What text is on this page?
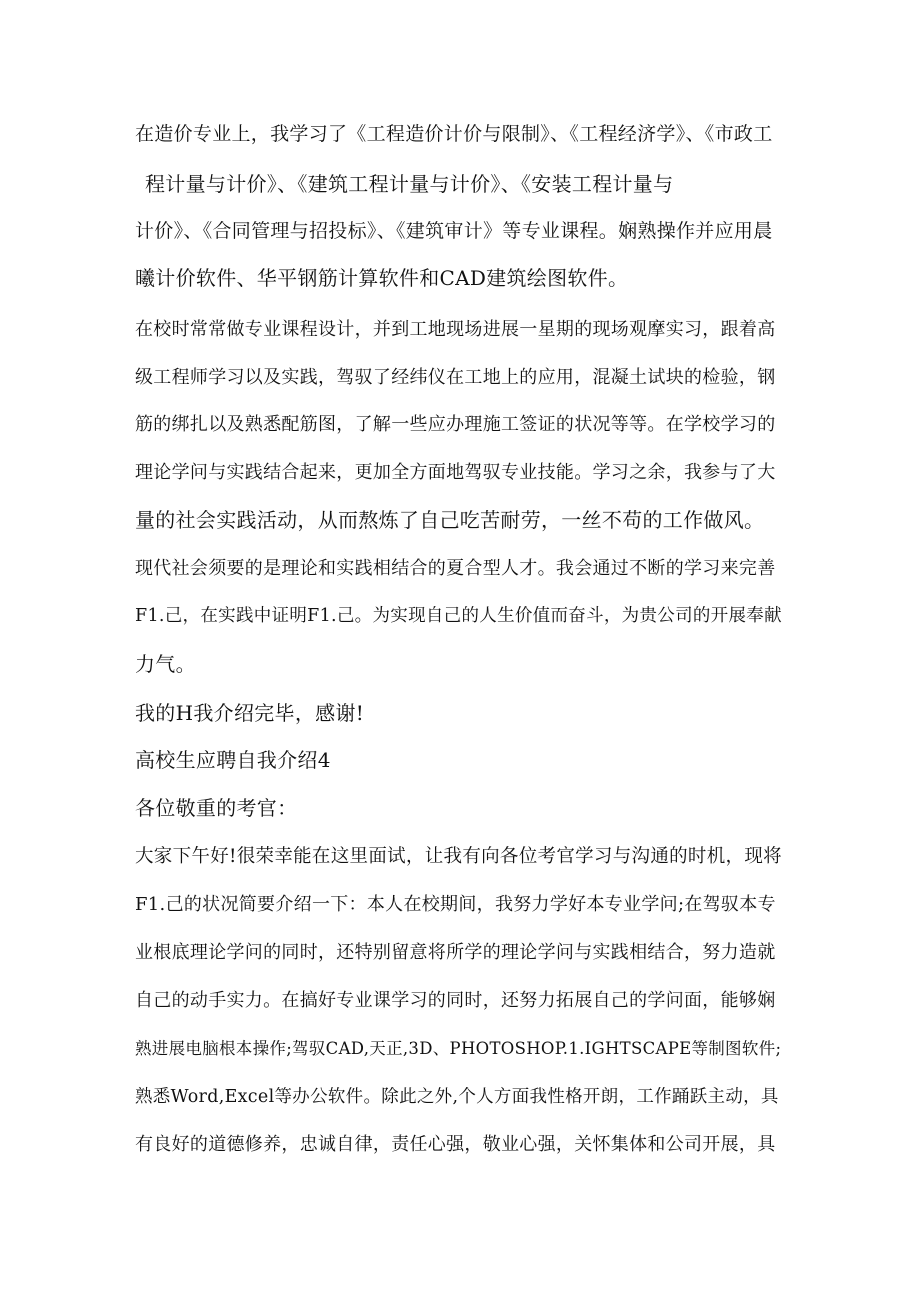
在造价专业上，我学习了《工程造价计价与限制》、《工程经济学》、《市政工
程计量与计价》、《建筑工程计量与计价》、《安装工程计量与
计价》、《合同管理与招投标》、《建筑审计》等专业课程。娴熟操作并应用晨
曦计价软件、华平钢筋计算软件和CAD建筑绘图软件。
在校时常常做专业课程设计，并到工地现场进展一星期的现场观摩实习，跟着高
级工程师学习以及实践，驾驭了经纬仪在工地上的应用，混凝土试块的检验，钢
筋的绑扎以及熟悉配筋图，了解一些应办理施工签证的状况等等。在学校学习的
理论学问与实践结合起来，更加全方面地驾驭专业技能。学习之余，我参与了大
量的社会实践活动，从而熬炼了自己吃苦耐劳，一丝不苟的工作做风。
现代社会须要的是理论和实践相结合的夏合型人才。我会通过不断的学习来完善
F1.己，在实践中证明F1.己。为实现自己的人生价值而奋斗，为贵公司的开展奉献
力气。
我的H我介绍完毕，感谢!
高校生应聘自我介绍4
各位敬重的考官：
大家下午好!很荣幸能在这里面试，让我有向各位考官学习与沟通的时机，现将
F1.己的状况简要介绍一下：本人在校期间，我努力学好本专业学问;在驾驭本专
业根底理论学问的同时，还特别留意将所学的理论学问与实践相结合，努力造就
自己的动手实力。在搞好专业课学习的同时，还努力拓展自己的学问面，能够娴
熟进展电脑根本操作;驾驭CAD,天正,3D、PHOTOSHOP.1.IGHTSCAPE等制图软件;
熟悉Word,Excel等办公软件。除此之外,个人方面我性格开朗，工作踊跃主动，具
有良好的道德修养，忠诚自律，责任心强，敬业心强，关怀集体和公司开展，具
